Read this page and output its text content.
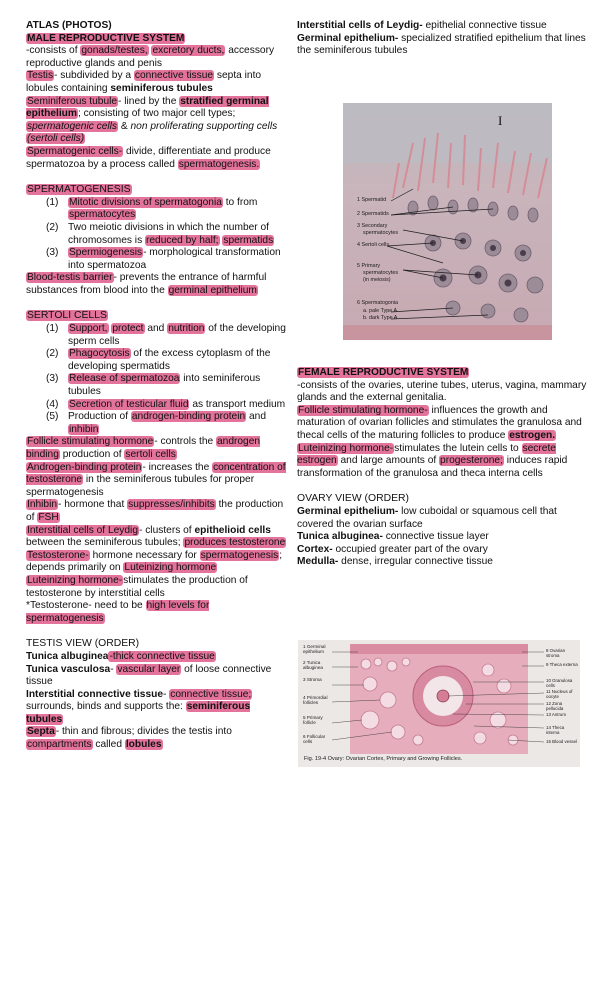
ATLAS (PHOTOS)

MALE REPRODUCTIVE SYSTEM

-consists of gonads/testes, excretory ducts, accessory reproductive glands and penis

Testis- subdivided by a connective tissue septa into lobules containing seminiferous tubules

Seminiferous tubule- lined by the stratified germinal epithelium; consisting of two major cell types; spermatogenic cells & non proliferating supporting cells (sertoli cells)

Spermatogenic cells- divide, differentiate and produce spermatozoa by a process called spermatogenesis.

SPERMATOGENESIS

(1) Mitotic divisions of spermatogonia to from spermatocytes
(2) Two meiotic divisions in which the number of chromosomes is reduced by half; spermatids
(3) Spermiogenesis- morphological transformation into spermatozoa

Blood-testis barrier- prevents the entrance of harmful substances from blood into the germinal epithelium

SERTOLI CELLS

(1) Support, protect and nutrition of the developing sperm cells
(2) Phagocytosis of the excess cytoplasm of the developing spermatids
(3) Release of spermatozoa into seminiferous tubules
(4) Secretion of testicular fluid as transport medium
(5) Production of androgen-binding protein and inhibin

Follicle stimulating hormone- controls the androgen binding production of sertoli cells

Androgen-binding protein- increases the concentration of testosterone in the seminiferous tubules for proper spermatogenesis

Inhibin- hormone that suppresses/inhibits the production of FSH

Interstitial cells of Leydig- clusters of epithelioid cells between the seminiferous tubules; produces testosterone

Testosterone- hormone necessary for spermatogenesis; depends primarily on Luteinizing hormone

Luteinizing hormone-stimulates the production of testosterone by interstitial cells

*Testosterone- need to be high levels for spermatogenesis

TESTIS VIEW (ORDER)

Tunica albuginea-thick connective tissue

Tunica vasculosa- vascular layer of loose connective tissue

Interstitial connective tissue- connective tissue; surrounds, binds and supports the: seminiferous tubules

Septa- thin and fibrous; divides the testis into compartments called lobules

Interstitial cells of Leydig- epithelial connective tissue

Germinal epithelium- specialized stratified epithelium that lines the seminiferous tubules

I
1 Spermatid
2 Spermatids
3 Secondary
spermatocytes
4 Sertoli cells
5 Primary
spermatocytes
(in meiosis)
6 Spermatogonia
a. pale Type A
b. dark Type A

FEMALE REPRODUCTIVE SYSTEM

-consists of the ovaries, uterine tubes, uterus, vagina, mammary glands and the external genitalia.

Follicle stimulating hormone- influences the growth and maturation of ovarian follicles and stimulates the granulosa and thecal cells of the maturing follicles to produce estrogen.

Luteinizing hormone-stimulates the lutein cells to secrete estrogen and large amounts of progesterone; induces rapid transformation of the granulosa and theca interna cells

OVARY VIEW (ORDER)

Germinal epithelium- low cuboidal or squamous cell that covered the ovarian surface

Tunica albuginea- connective tissue layer

Cortex- occupied greater part of the ovary

Medulla- dense, irregular connective tissue

1 Germinal epithelium
2 Tunica albuginea
3 Stroma
4 Primordial follicles
5 Primary follicle
6 Follicular cells
8 Ovarian stroma
9 Theca externa
10 Granulosa cells
11 Nucleus of oocyte
12 Zona pellucida
13 Antrum
14 Theca interna
15 Blood vessel
Fig. 19-4 Ovary: Ovarian Cortex, Primary and Growing Follicles.
